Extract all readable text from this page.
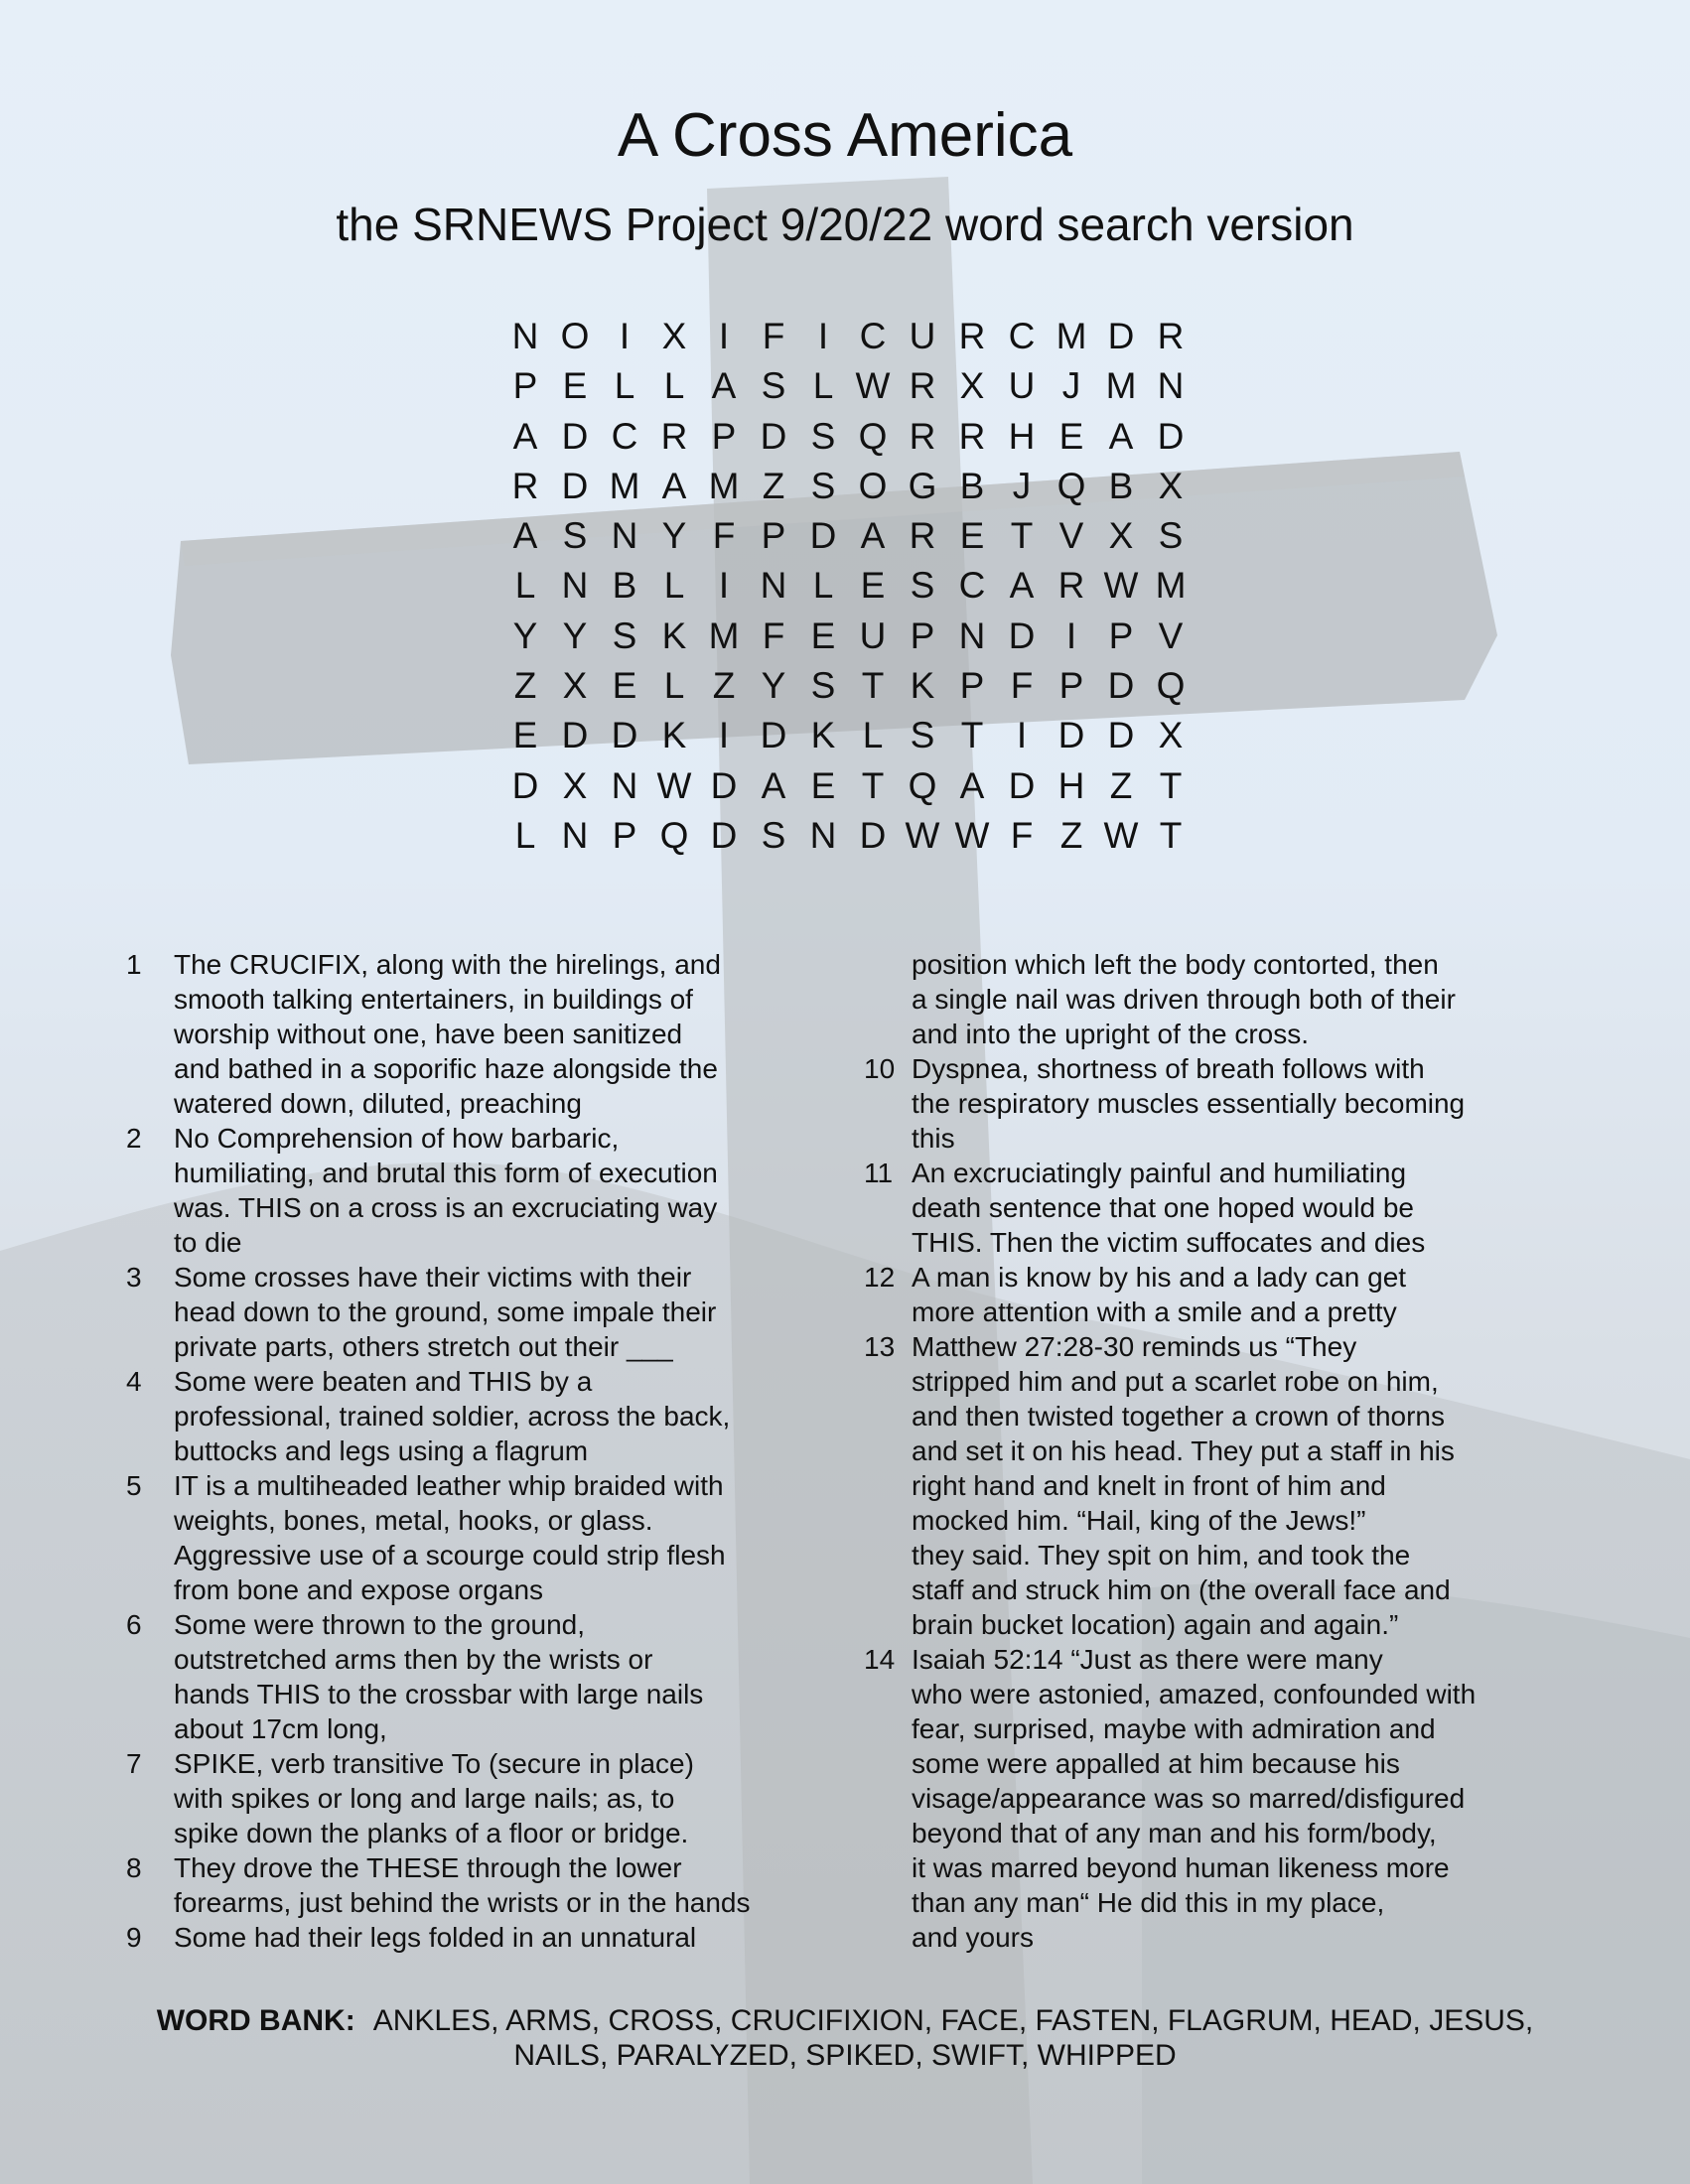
A Cross America
the SRNEWS Project 9/20/22 word search version
N O I X I F I C U R C M D R
P E L L A S L W R X U J M N
A D C R P D S Q R R H E A D
R D M A M Z S O G B J Q B X
A S N Y F P D A R E T V X S
L N B L I N L E S C A R W M
Y Y S K M F E U P N D I P V
Z X E L Z Y S T K P F P D Q
E D D K I D K L S T I D D X
D X N W D A E T Q A D H Z T
L N P Q D S N D W W F Z W T
1	The CRUCIFIX, along with the hirelings, and
smooth talking entertainers, in buildings of
worship without one, have been sanitized
and bathed in a soporific haze alongside the
watered down, diluted, preaching
2	No Comprehension of how barbaric,
humiliating, and brutal this form of execution
was. THIS on a cross is an excruciating way
to die
3	Some crosses have their victims with their
head down to the ground, some impale their
private parts, others stretch out their ___
4	Some were beaten and THIS by a
professional, trained soldier, across the back,
buttocks and legs using a flagrum
5	IT is a multiheaded leather whip braided with
weights, bones, metal, hooks, or glass.
Aggressive use of a scourge could strip flesh
from bone and expose organs
6	Some were thrown to the ground,
outstretched arms then by the wrists or
hands THIS to the crossbar with large nails
about 17cm long,
7	SPIKE, verb transitive To (secure in place)
with spikes or long and large nails; as, to
spike down the planks of a floor or bridge.
8	They drove the THESE through the lower
forearms, just behind the wrists or in the hands
9	Some had their legs folded in an unnatural
position which left the body contorted, then
a single nail was driven through both of their
and into the upright of the cross.
10 Dyspnea, shortness of breath follows with
the respiratory muscles essentially becoming
this
11 An excruciatingly painful and humiliating
death sentence that one hoped would be
THIS. Then the victim suffocates and dies
12 A man is know by his and a lady can get
more attention with a smile and a pretty
13 Matthew 27:28-30 reminds us “They
stripped him and put a scarlet robe on him,
and then twisted together a crown of thorns
and set it on his head. They put a staff in his
right hand and knelt in front of him and
mocked him. “Hail, king of the Jews!”
they said. They spit on him, and took the
staff and struck him on (the overall face and
brain bucket location) again and again.”
14 Isaiah 52:14 “Just as there were many
who were astonied, amazed, confounded with
fear, surprised, maybe with admiration and
some were appalled at him because his
visage/appearance was so marred/disfigured
beyond that of any man and his form/body,
it was marred beyond human likeness more
than any man“ He did this in my place,
and yours
WORD BANK: ANKLES, ARMS, CROSS, CRUCIFIXION, FACE, FASTEN, FLAGRUM, HEAD, JESUS,
NAILS, PARALYZED, SPIKED, SWIFT, WHIPPED
